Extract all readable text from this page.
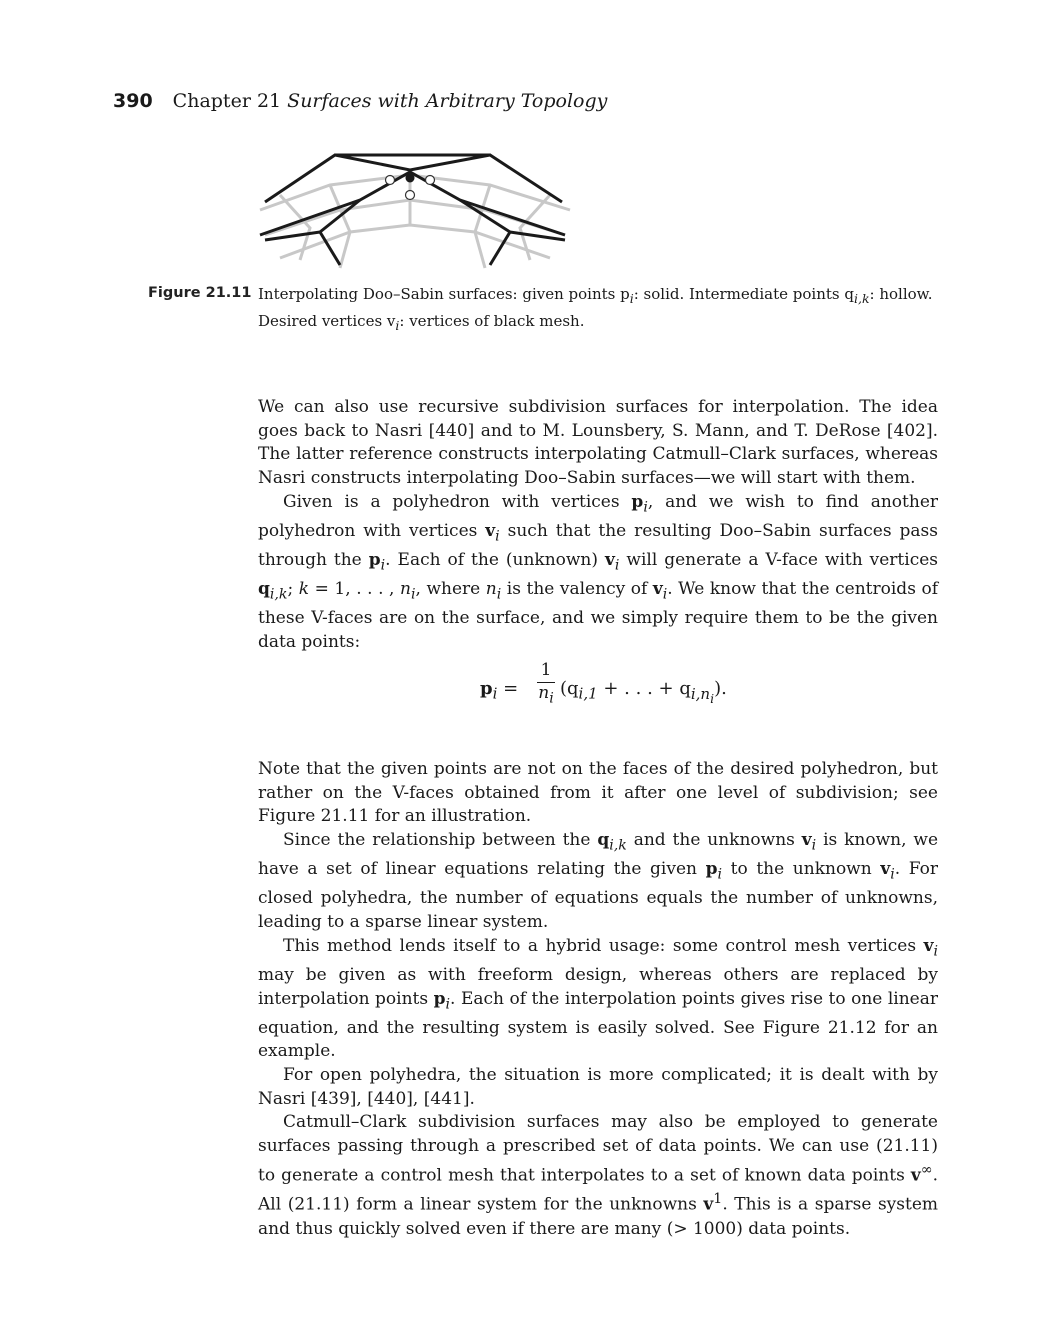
390 Chapter 21 Surfaces with Arbitrary Topology
Figure 21.11 Interpolating Doo–Sabin surfaces: given points $p_i$: solid. Intermediate points $q_{i,k}$: hollow.
Desired vertices $v_i$: vertices of black mesh.

We can also use recursive subdivision surfaces for interpolation. The idea goes back to Nasri [440] and to M. Lounsbery, S. Mann, and T. DeRose [402]. The latter reference constructs interpolating Catmull–Clark surfaces, whereas Nasri constructs interpolating Doo–Sabin surfaces—we will start with them.

Given is a polyhedron with vertices $p_i$, and we wish to find another polyhedron with vertices $v_i$ such that the resulting Doo–Sabin surfaces pass through the $p_i$. Each of the (unknown) $v_i$ will generate a V-face with vertices $q_{i,k}$; k = 1, . . . , $n_i$, where $n_i$ is the valency of $v_i$. We know that the centroids of these V-faces are on the surface, and we simply require them to be the given data points:

$p_i$ =
1
$n_i$ ($q_{i,1}$ + . . . + $q_{i,n_i}$).

Note that the given points are not on the faces of the desired polyhedron, but rather on the V-faces obtained from it after one level of subdivision; see Figure 21.11 for an illustration.

Since the relationship between the $q_{i,k}$ and the unknowns $v_i$ is known, we have a set of linear equations relating the given $p_i$ to the unknown $v_i$. For closed polyhedra, the number of equations equals the number of unknowns, leading to a sparse linear system.

This method lends itself to a hybrid usage: some control mesh vertices $v_i$ may be given as with freeform design, whereas others are replaced by interpolation points $p_i$. Each of the interpolation points gives rise to one linear equation, and the resulting system is easily solved. See Figure 21.12 for an example.

For open polyhedra, the situation is more complicated; it is dealt with by Nasri [439], [440], [441].

Catmull–Clark subdivision surfaces may also be employed to generate surfaces passing through a prescribed set of data points. We can use (21.11) to generate a control mesh that interpolates to a set of known data points v∞. All (21.11) form a linear system for the unknowns $v^1$. This is a sparse system and thus quickly solved even if there are many (> 1000) data points.
